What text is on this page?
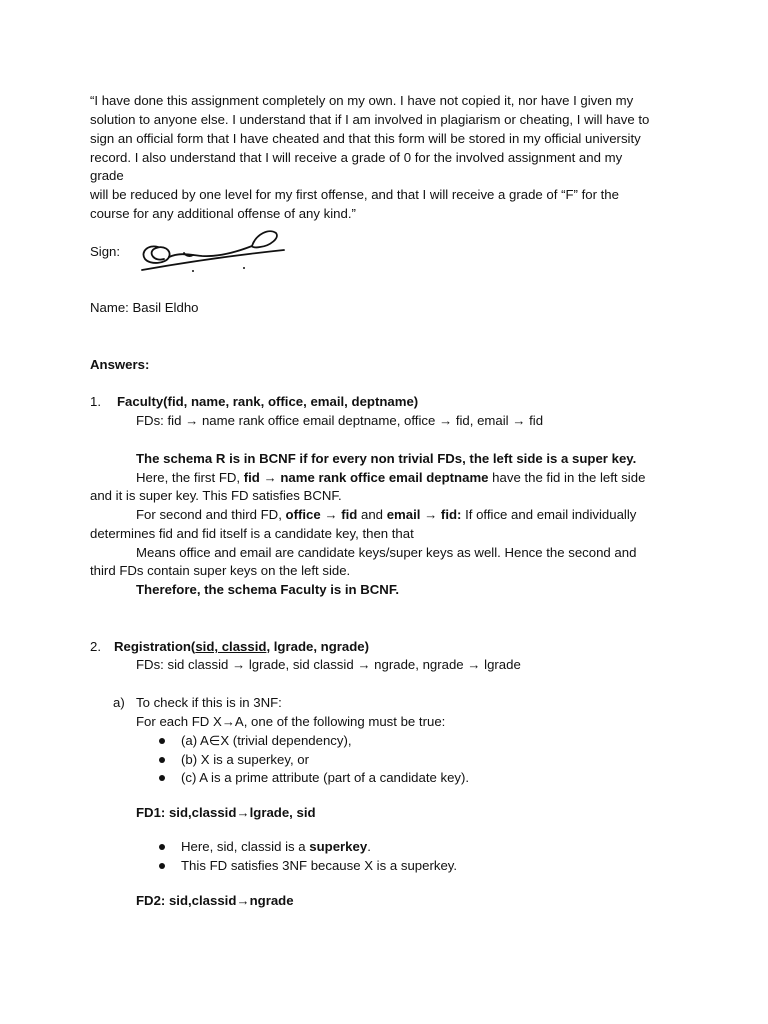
“I have done this assignment completely on my own. I have not copied it, nor have I given my
solution to anyone else. I understand that if I am involved in plagiarism or cheating, I will have to
sign an official form that I have cheated and that this form will be stored in my official university
record. I also understand that I will receive a grade of 0 for the involved assignment and my
grade
will be reduced by one level for my first offense, and that I will receive a grade of “F” for the
course for any additional offense of any kind.”
Sign:
Name: Basil Eldho
Answers:
1. Faculty(fid, name, rank, office, email, deptname)
FDs: fid → name rank office email deptname, office → fid, email → fid
The schema R is in BCNF if for every non trivial FDs, the left side is a super key.
Here, the first FD, fid → name rank office email deptname have the fid in the left side
and it is super key. This FD satisfies BCNF.
For second and third FD, office → fid and email → fid: If office and email individually
determines fid and fid itself is a candidate key, then that
Means office and email are candidate keys/super keys as well. Hence the second and
third FDs contain super keys on the left side.
Therefore, the schema Faculty is in BCNF.
2. Registration(sid, classid, lgrade, ngrade)
FDs: sid classid → lgrade, sid classid → ngrade, ngrade → lgrade
a) To check if this is in 3NF:
For each FD X→A, one of the following must be true:
(a) A∈X (trivial dependency),
(b) X is a superkey, or
(c) A is a prime attribute (part of a candidate key).
FD1: sid,classid→lgrade, sid
Here, sid, classid is a superkey.
This FD satisfies 3NF because X is a superkey.
FD2: sid,classid→ngrade
